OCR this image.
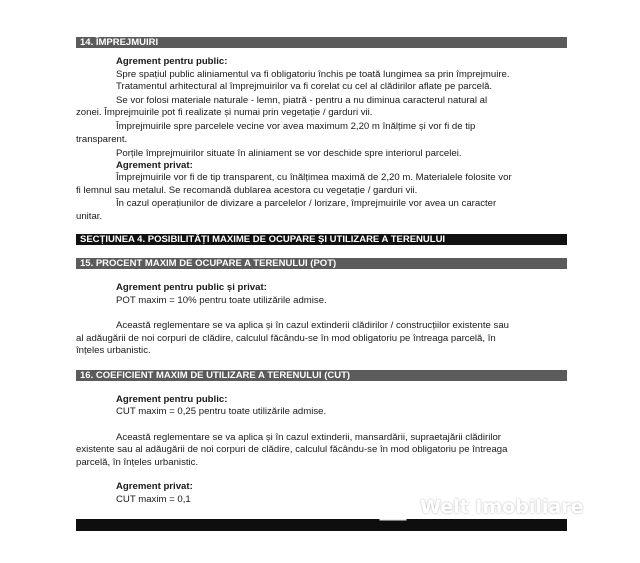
14. ÎMPREJMUIRI
Agrement pentru public:
Spre spațiul public aliniamentul va fi obligatoriu închis pe toată lungimea sa prin împrejmuire.
Tratamentul arhitectural al împrejmuirilor va fi corelat cu cel al clădirilor aflate pe parcelă.
Se vor folosi materiale naturale - lemn, piatră - pentru a nu diminua caracterul natural al
zonei. Împrejmuirile pot fi realizate și numai prin vegetație / garduri vii.
Împrejmuirile spre parcelele vecine vor avea maximum 2,20 m înălțime și vor fi de tip
transparent.
Porțile împrejmuirilor situate în aliniament se vor deschide spre interiorul parcelei.
Agrement privat:
Împrejmuirile vor fi de tip transparent, cu înălțimea maximă de 2,20 m. Materialele folosite vor
fi lemnul sau metalul. Se recomandă dublarea acestora cu vegetație / garduri vii.
În cazul operațiunilor de divizare a parcelelor / lorizare, împrejmuirile vor avea un caracter
unitar.
SECȚIUNEA 4. POSIBILITĂȚI MAXIME DE OCUPARE ȘI UTILIZARE A TERENULUI
15. PROCENT MAXIM DE OCUPARE A TERENULUI (POT)
Agrement pentru public și privat:
POT maxim = 10% pentru toate utilizările admise.
Această reglementare se va aplica și în cazul extinderii clădirilor / construcțiilor existente sau
al adăugării de noi corpuri de clădire, calculul făcându-se în mod obligatoriu pe întreaga parcelă, în
înțeles urbanistic.
16. COEFICIENT MAXIM DE UTILIZARE A TERENULUI (CUT)
Agrement pentru public:
CUT maxim = 0,25 pentru toate utilizările admise.
Această reglementare se va aplica și în cazul extinderii, mansardării, supraetajării clădirilor
existente sau al adăugării de noi corpuri de clădire, calculul făcându-se în mod obligatoriu pe întreaga
parcelă, în înțeles urbanistic.
Agrement privat:
CUT maxim = 0,1	Welt Imobiliare
